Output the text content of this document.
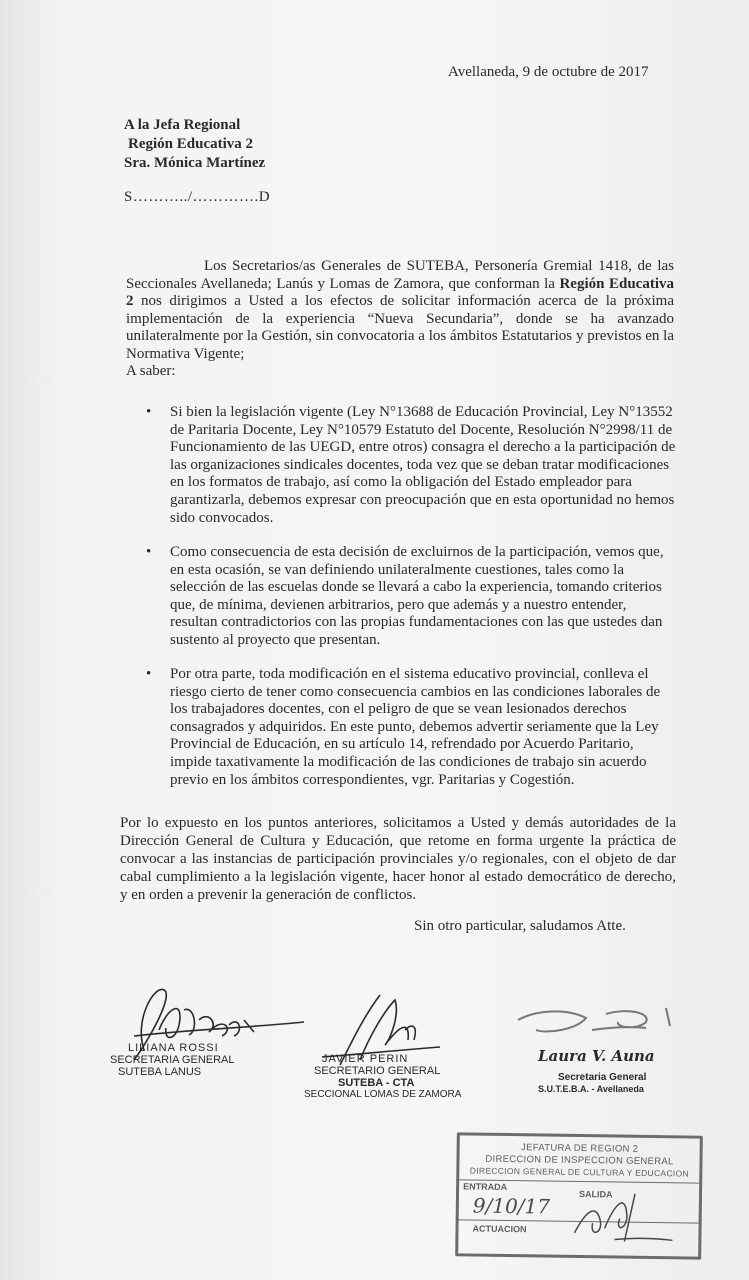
Avellaneda, 9 de octubre de 2017
A la Jefa Regional
Región Educativa 2
Sra. Mónica Martínez
S………../………….D
Los Secretarios/as Generales de SUTEBA, Personería Gremial 1418, de las Seccionales Avellaneda; Lanús y Lomas de Zamora, que conforman la Región Educativa 2 nos dirigimos a Usted a los efectos de solicitar información acerca de la próxima implementación de la experiencia “Nueva Secundaria”, donde se ha avanzado unilateralmente por la Gestión, sin convocatoria a los ámbitos Estatutarios y previstos en la Normativa Vigente;
A saber:
• Si bien la legislación vigente (Ley N°13688 de Educación Provincial, Ley N°13552 de Paritaria Docente, Ley N°10579 Estatuto del Docente, Resolución N°2998/11 de Funcionamiento de las UEGD, entre otros) consagra el derecho a la participación de las organizaciones sindicales docentes, toda vez que se deban tratar modificaciones en los formatos de trabajo, así como la obligación del Estado empleador para garantizarla, debemos expresar con preocupación que en esta oportunidad no hemos sido convocados.
• Como consecuencia de esta decisión de excluirnos de la participación, vemos que, en esta ocasión, se van definiendo unilateralmente cuestiones, tales como la selección de las escuelas donde se llevará a cabo la experiencia, tomando criterios que, de mínima, devienen arbitrarios, pero que además y a nuestro entender, resultan contradictorios con las propias fundamentaciones con las que ustedes dan sustento al proyecto que presentan.
• Por otra parte, toda modificación en el sistema educativo provincial, conlleva el riesgo cierto de tener como consecuencia cambios en las condiciones laborales de los trabajadores docentes, con el peligro de que se vean lesionados derechos consagrados y adquiridos. En este punto, debemos advertir seriamente que la Ley Provincial de Educación, en su artículo 14, refrendado por Acuerdo Paritario, impide taxativamente la modificación de las condiciones de trabajo sin acuerdo previo en los ámbitos correspondientes, vgr. Paritarias y Cogestión.
Por lo expuesto en los puntos anteriores, solicitamos a Usted y demás autoridades de la Dirección General de Cultura y Educación, que retome en forma urgente la práctica de convocar a las instancias de participación provinciales y/o regionales, con el objeto de dar cabal cumplimiento a la legislación vigente, hacer honor al estado democrático de derecho, y en orden a prevenir la generación de conflictos.
Sin otro particular, saludamos Atte.
LILIANA ROSSI
SECRETARIA GENERAL
SUTEBA LANUS
JAVIER PERIN
SECRETARIO GENERAL
SUTEBA - CTA
SECCIONAL LOMAS DE ZAMORA
Laura V. Auna
Secretaria General
S.U.T.E.B.A. - Avellaneda
JEFATURA DE REGION 2
DIRECCION DE INSPECCION GENERAL
DIRECCION GENERAL DE CULTURA Y EDUCACION
ENTRADA
SALIDA
9/10/17
ACTUACION
